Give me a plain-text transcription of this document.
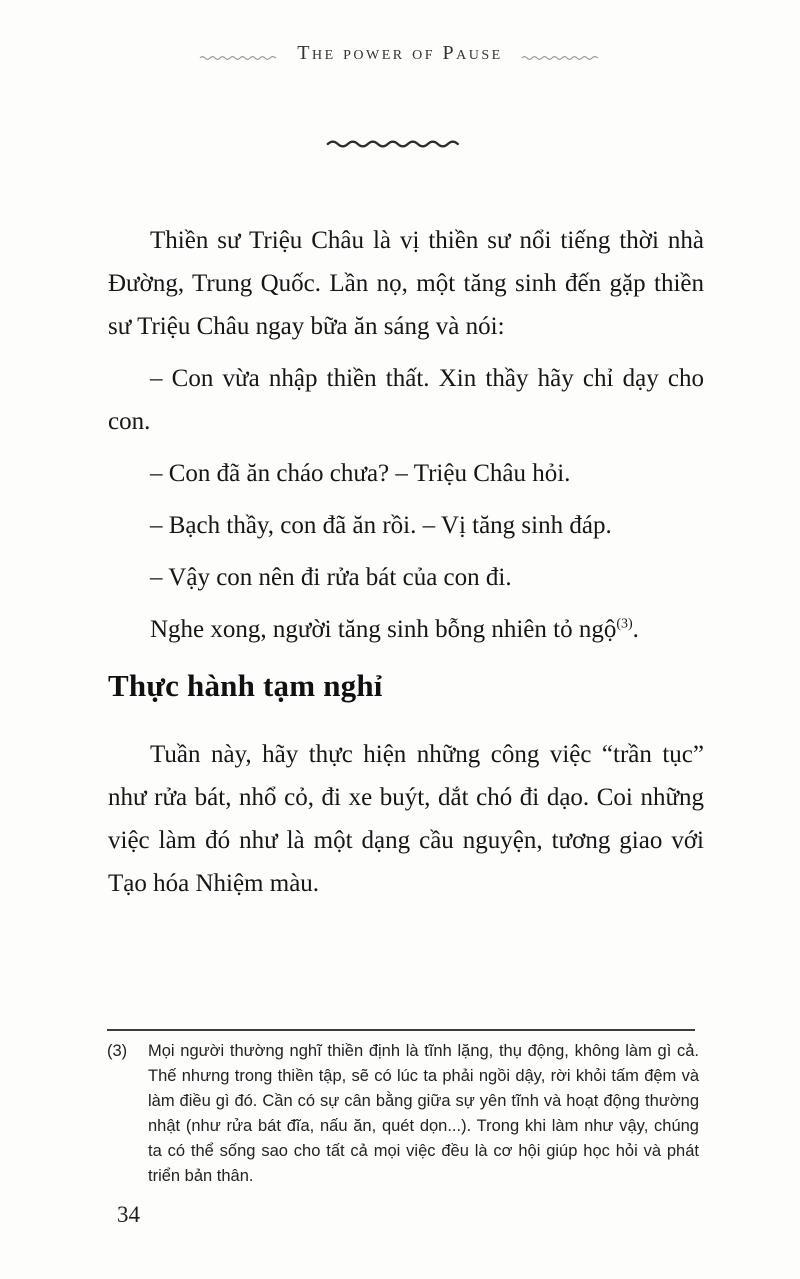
The power of Pause

Thiền sư Triệu Châu là vị thiền sư nổi tiếng thời nhà Đường, Trung Quốc. Lần nọ, một tăng sinh đến gặp thiền sư Triệu Châu ngay bữa ăn sáng và nói:

– Con vừa nhập thiền thất. Xin thầy hãy chỉ dạy cho con.

– Con đã ăn cháo chưa? – Triệu Châu hỏi.

– Bạch thầy, con đã ăn rồi. – Vị tăng sinh đáp.

– Vậy con nên đi rửa bát của con đi.

Nghe xong, người tăng sinh bỗng nhiên tỏ ngộ$^{(3)}$.

Thực hành tạm nghỉ

Tuần này, hãy thực hiện những công việc “trần tục” như rửa bát, nhổ cỏ, đi xe buýt, dắt chó đi dạo. Coi những việc làm đó như là một dạng cầu nguyện, tương giao với Tạo hóa Nhiệm màu.

(3)	Mọi người thường nghĩ thiền định là tĩnh lặng, thụ động, không làm gì cả. Thế nhưng trong thiền tập, sẽ có lúc ta phải ngồi dậy, rời khỏi tấm đệm và làm điều gì đó. Cần có sự cân bằng giữa sự yên tĩnh và hoạt động thường nhật (như rửa bát đĩa, nấu ăn, quét dọn...). Trong khi làm như vậy, chúng ta có thể sống sao cho tất cả mọi việc đều là cơ hội giúp học hỏi và phát triển bản thân.
34
